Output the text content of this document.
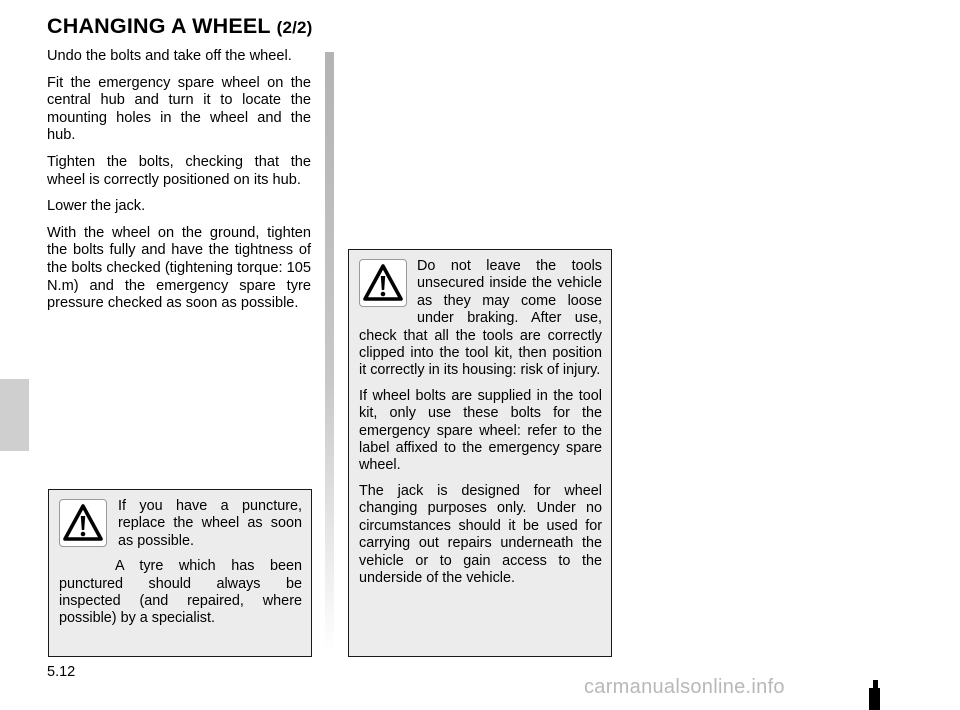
CHANGING A WHEEL (2/2)

Undo the bolts and take off the wheel.

Fit the emergency spare wheel on the central hub and turn it to locate the mounting holes in the wheel and the hub.

Tighten the bolts, checking that the wheel is correctly positioned on its hub.

Lower the jack.

With the wheel on the ground, tighten the bolts fully and have the tightness of the bolts checked (tightening torque: 105 N.m) and the emergency spare tyre pressure checked as soon as possible.

If you have a puncture, replace the wheel as soon as possible.

A tyre which has been punctured should always be inspected (and repaired, where possible) by a specialist.

Do not leave the tools unsecured inside the vehicle as they may come loose under braking. After use, check that all the tools are correctly clipped into the tool kit, then position it correctly in its housing: risk of injury.

If wheel bolts are supplied in the tool kit, only use these bolts for the emergency spare wheel: refer to the label affixed to the emergency spare wheel.

The jack is designed for wheel changing purposes only. Under no circumstances should it be used for carrying out repairs underneath the vehicle or to gain access to the underside of the vehicle.

5.12
carmanualsonline.info
